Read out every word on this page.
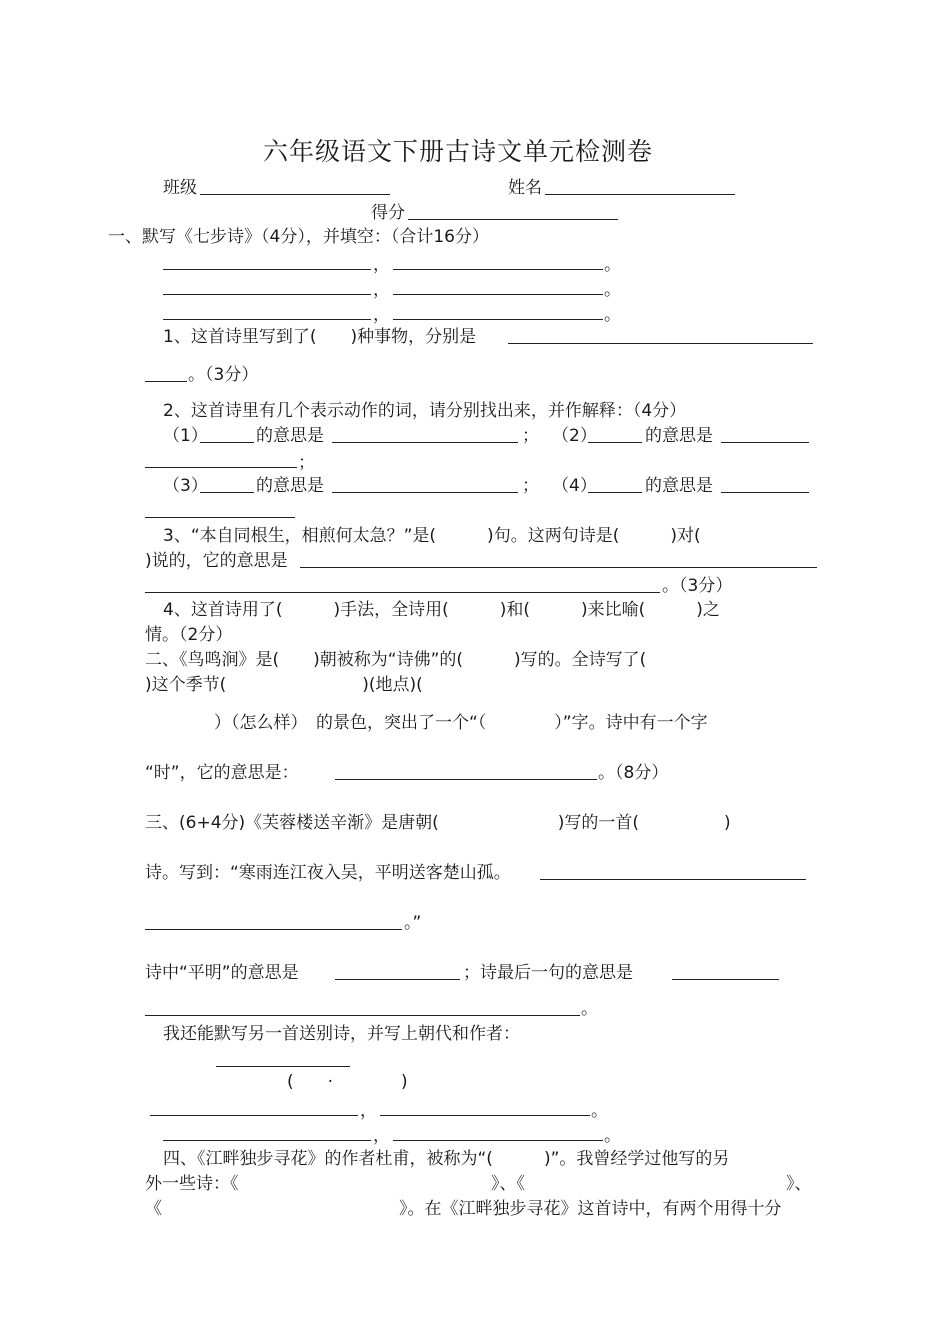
六年级语文下册古诗文单元检测卷
班级	姓名
得分
一、默写《七步诗》（4分），并填空：（合计16分）
，	。
，	。
，	。
1、这首诗里写到了(　　)种事物，分别是
。（3分）
2、这首诗里有几个表示动作的词，请分别找出来，并作解释：（4分）
（1）	的意思是	； （2）	的意思是
；
（3）	的意思是	； （4）	的意思是
3、“本自同根生，相煎何太急？”是(　　　)句。这两句诗是(　　　)对(
)说的，它的意思是
。（3分）
4、这首诗用了(　　　)手法，全诗用(　　　)和(　　　)来比喻(　　　)之
情。（2分）
二、《鸟鸣涧》是(　　)朝被称为“诗佛”的(　　　)写的。全诗写了(
)这个季节(　　　　　　　　)(地点)(
　　　）（怎么样）　的景色，突出了一个“（　　　　）”字。诗中有一个字
“时”，它的意思是：	。（8分）
三、(6+4分)《芙蓉楼送辛渐》是唐朝(　　　　　　　)写的一首(　　　　　)
诗。写到：“寒雨连江夜入吴，平明送客楚山孤。
。”
诗中“平明”的意思是	；诗最后一句的意思是
。
我还能默写另一首送别诗，并写上朝代和作者：
(　　·　　　　)
，	。
，	。
四、《江畔独步寻花》的作者杜甫，被称为“(　　　)”。我曾经学过他写的另
外一些诗：《	》、《	》、
《	》。在《江畔独步寻花》这首诗中，有两个用得十分
